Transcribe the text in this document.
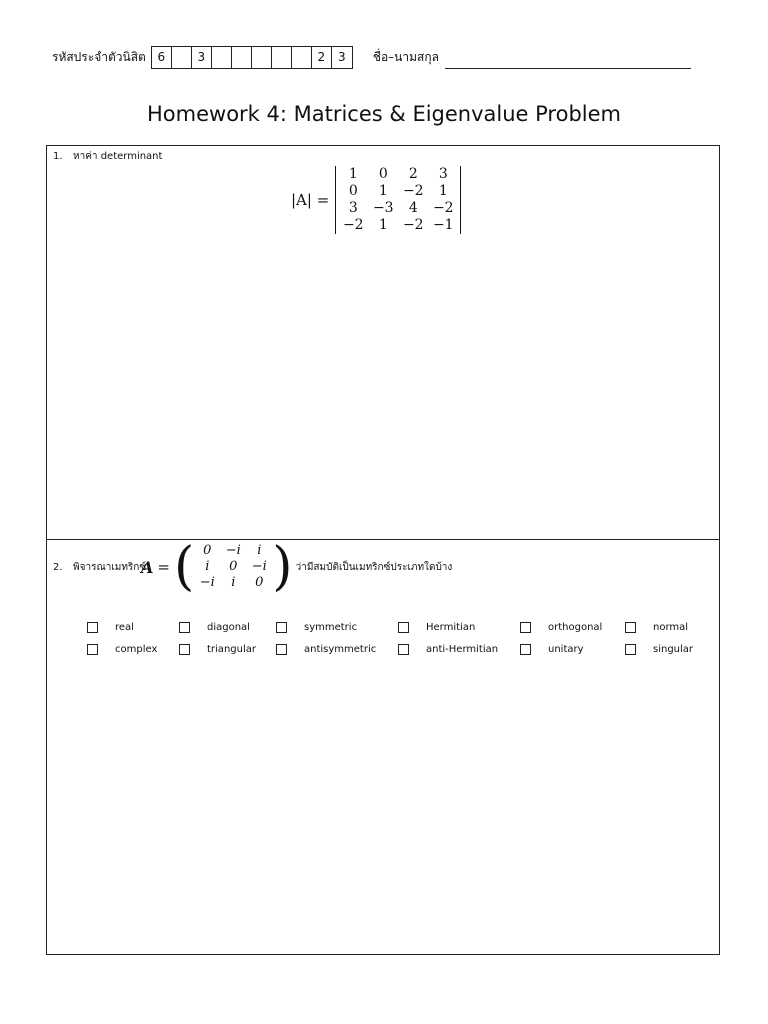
รหัสประจำตัวนิสิต 6	3	2	3	ชื่อ–นามสกุล
Homework 4: Matrices & Eigenvalue Problem
1. หาค่า determinant
|A| =
1	0	2	3
0	1	−2	1
3	−3	4	−2
−2	1	−2 −1
2. พิจารณาเมทริกซ์
A = ( 0	−i	i
i	0	−i
−i	i	0 ) ว่ามีสมบัติเป็นเมทริกซ์ประเภทใดบ้าง
real	diagonal	symmetric	Hermitian	orthogonal	normal
complex	triangular	antisymmetric	anti-Hermitian	unitary	singular
